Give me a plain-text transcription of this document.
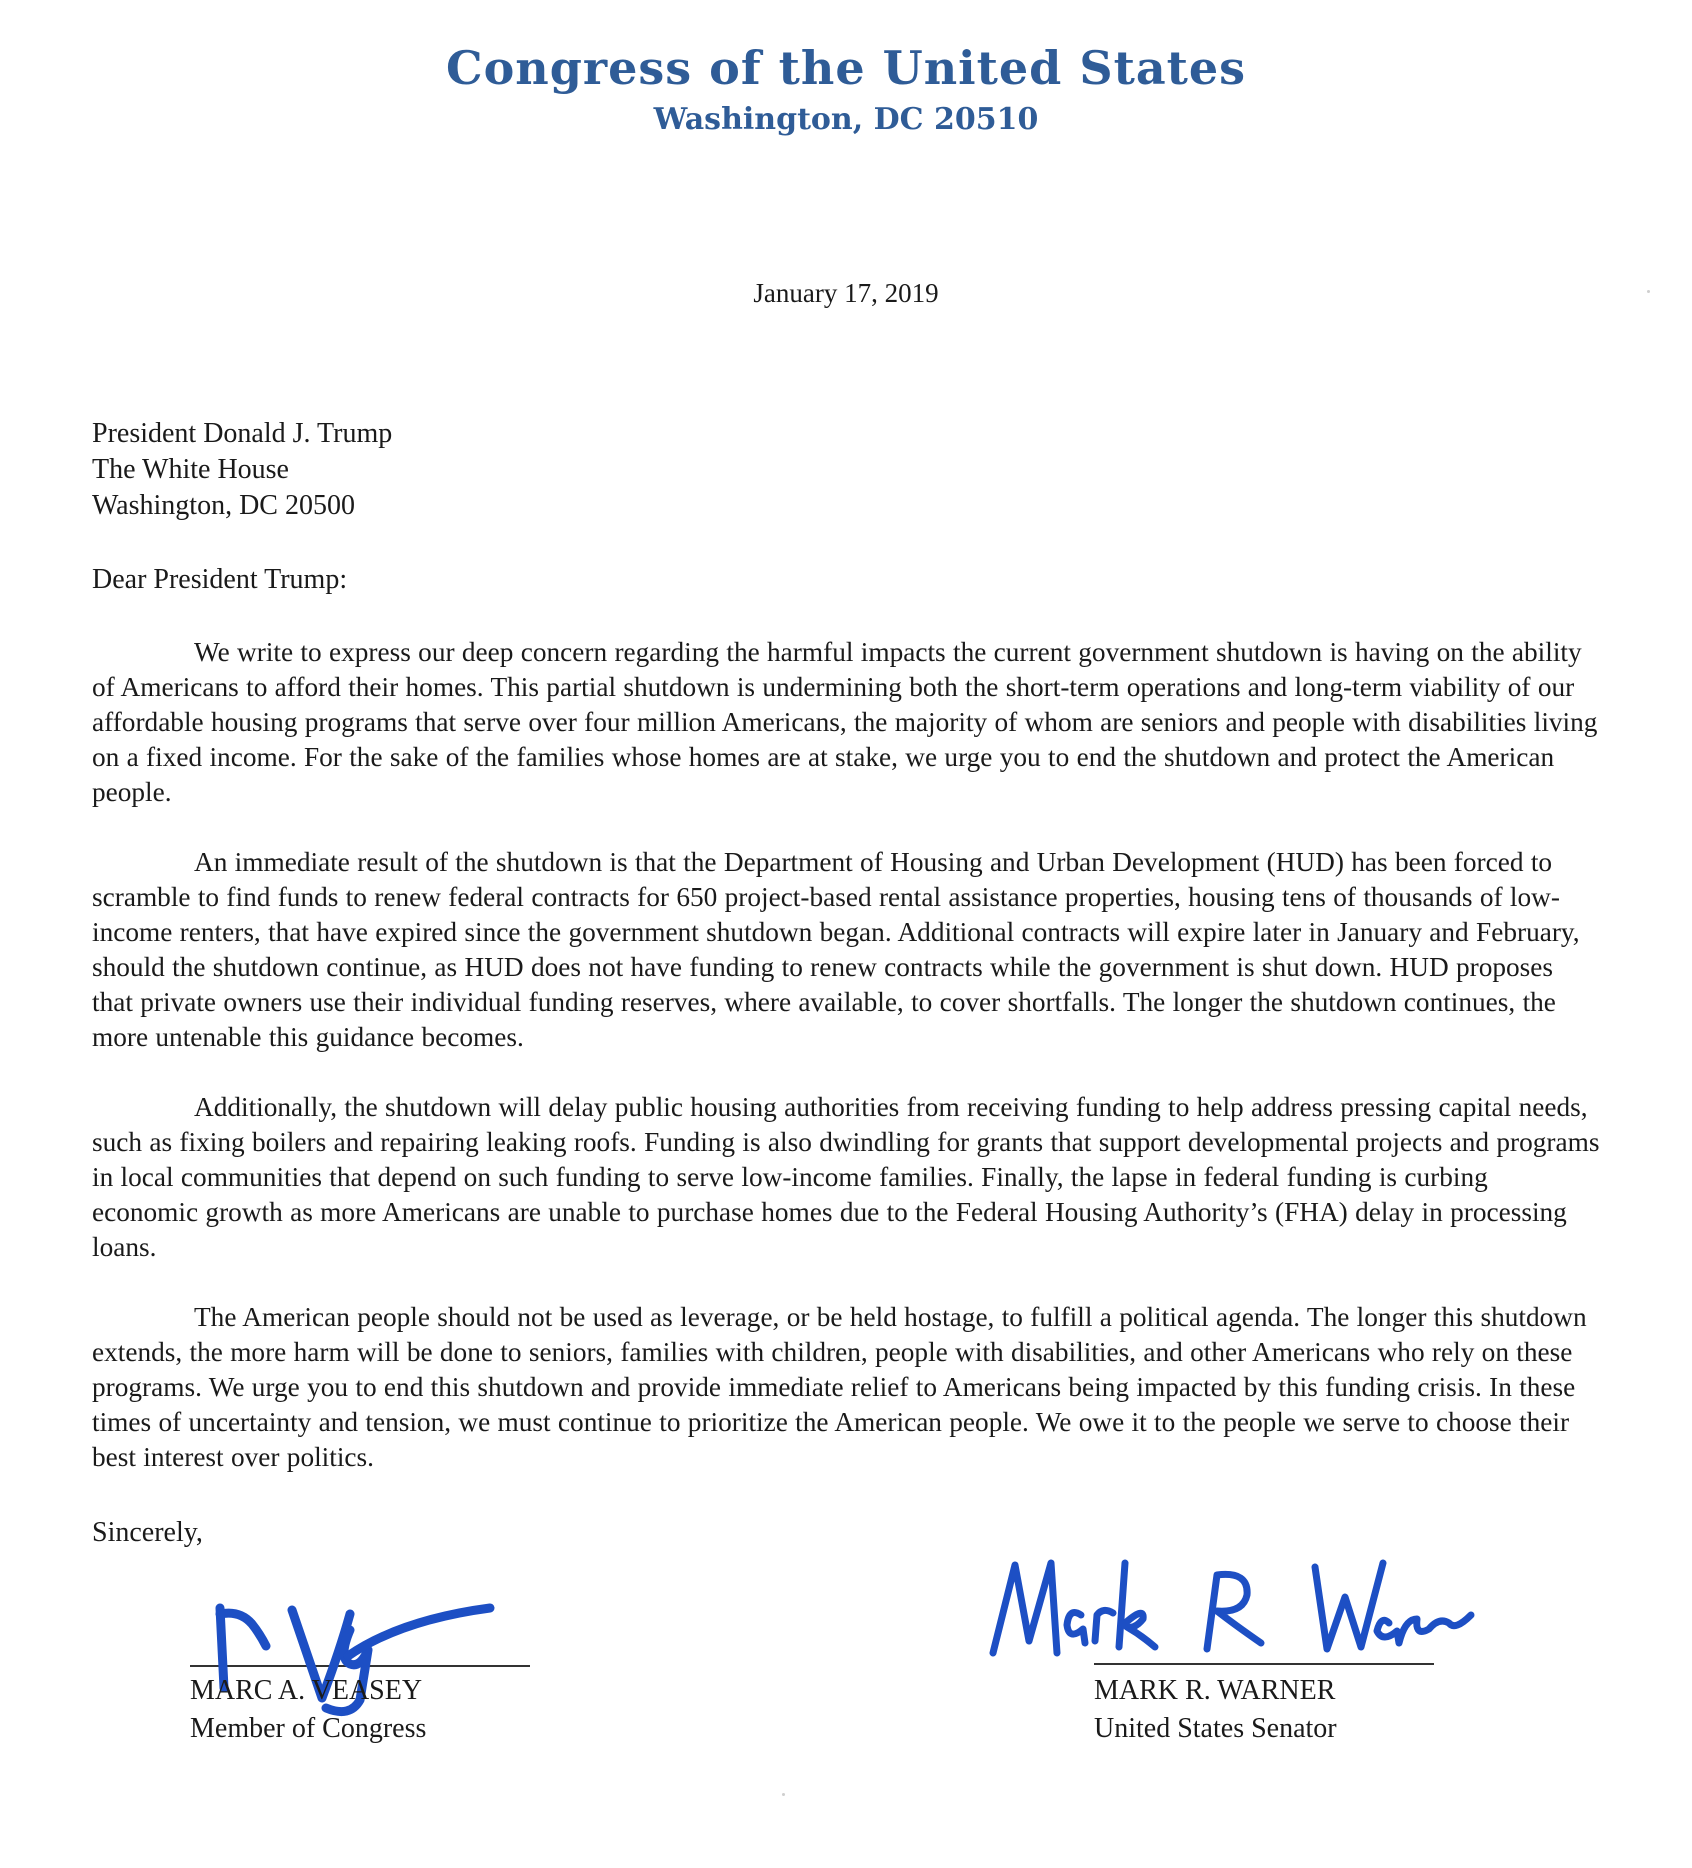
Congress of the United States
Washington, DC 20510
January 17, 2019
President Donald J. Trump
The White House
Washington, DC 20500
Dear President Trump:

We write to express our deep concern regarding the harmful impacts the current government shutdown is having on the ability of Americans to afford their homes. This partial shutdown is undermining both the short-term operations and long-term viability of our affordable housing programs that serve over four million Americans, the majority of whom are seniors and people with disabilities living on a fixed income. For the sake of the families whose homes are at stake, we urge you to end the shutdown and protect the American people.

An immediate result of the shutdown is that the Department of Housing and Urban Development (HUD) has been forced to scramble to find funds to renew federal contracts for 650 project-based rental assistance properties, housing tens of thousands of low-income renters, that have expired since the government shutdown began. Additional contracts will expire later in January and February, should the shutdown continue, as HUD does not have funding to renew contracts while the government is shut down. HUD proposes that private owners use their individual funding reserves, where available, to cover shortfalls. The longer the shutdown continues, the more untenable this guidance becomes.

Additionally, the shutdown will delay public housing authorities from receiving funding to help address pressing capital needs, such as fixing boilers and repairing leaking roofs. Funding is also dwindling for grants that support developmental projects and programs in local communities that depend on such funding to serve low-income families. Finally, the lapse in federal funding is curbing economic growth as more Americans are unable to purchase homes due to the Federal Housing Authority’s (FHA) delay in processing loans.

The American people should not be used as leverage, or be held hostage, to fulfill a political agenda. The longer this shutdown extends, the more harm will be done to seniors, families with children, people with disabilities, and other Americans who rely on these programs. We urge you to end this shutdown and provide immediate relief to Americans being impacted by this funding crisis. In these times of uncertainty and tension, we must continue to prioritize the American people. We owe it to the people we serve to choose their best interest over politics.

Sincerely,
MARC A. VEASEY
Member of Congress
MARK R. WARNER
United States Senator
